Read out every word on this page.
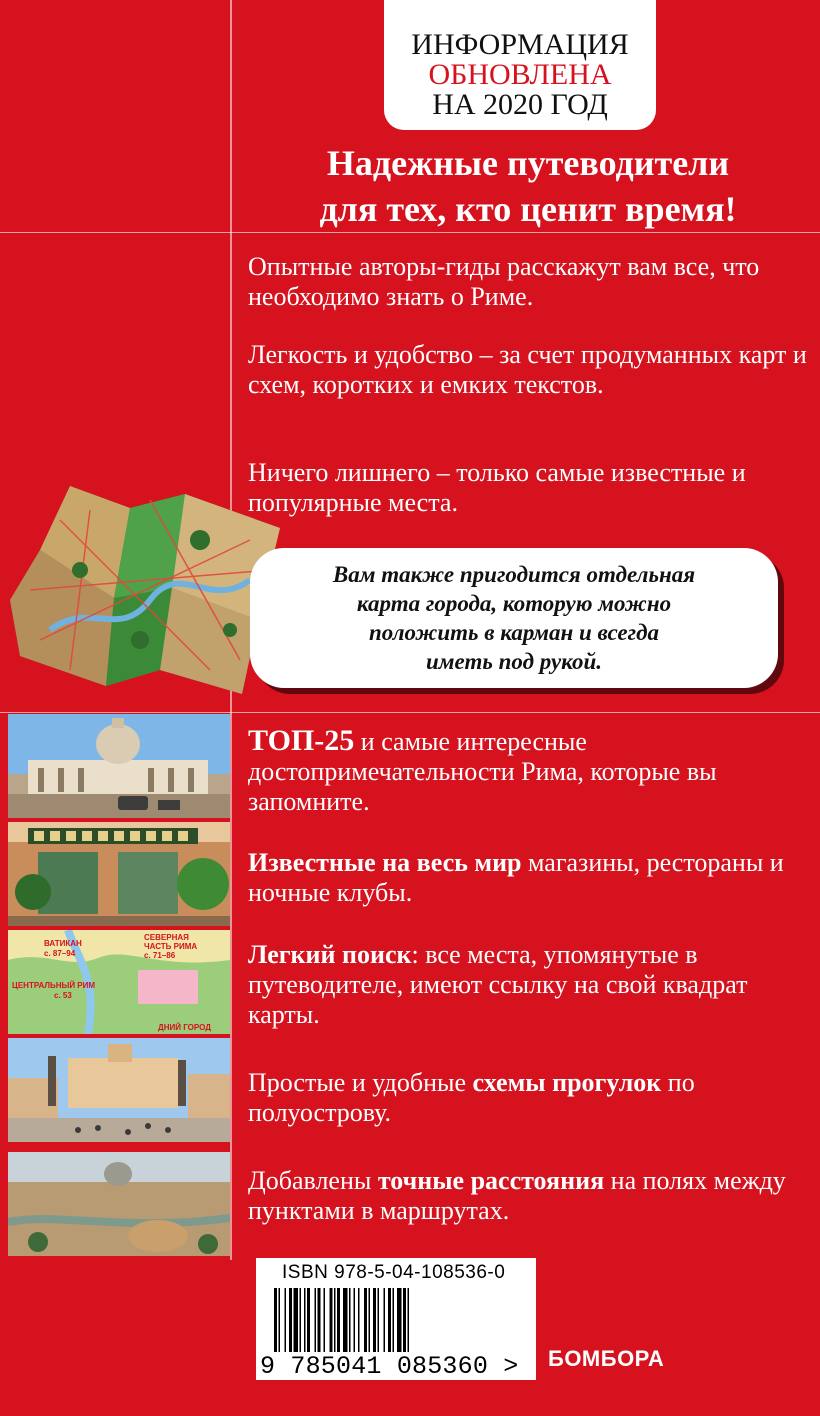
ИНФОРМАЦИЯ
ОБНОВЛЕНА
НА 2020 ГОД
Надежные путеводители
для тех, кто ценит время!
Опытные авторы-гиды расскажут вам все, что необходимо знать о Риме.
Легкость и удобство – за счет продуманных карт и схем, коротких и емких текстов.
Ничего лишнего – только самые известные и популярные места.
Вам также пригодится отдельная
карта города, которую можно
положить в карман и всегда
иметь под рукой.
ВАТИКАН
с. 87–94
СЕВЕРНАЯ
ЧАСТЬ РИМА
с. 71–86
ЦЕНТРАЛЬНЫЙ РИМ
с. 53
ДНИЙ ГОРОД
ТОП-25 и самые интересные достопримечательности Рима, которые вы запомните.
Известные на весь мир магазины, рестораны и ночные клубы.
Легкий поиск: все места, упомянутые в путеводителе, имеют ссылку на свой квадрат карты.
Простые и удобные схемы прогулок по полуострову.
Добавлены точные расстояния на полях между пунктами в маршрутах.
ISBN 978-5-04-108536-0
9 785041 085360 >	БОМБОРА
